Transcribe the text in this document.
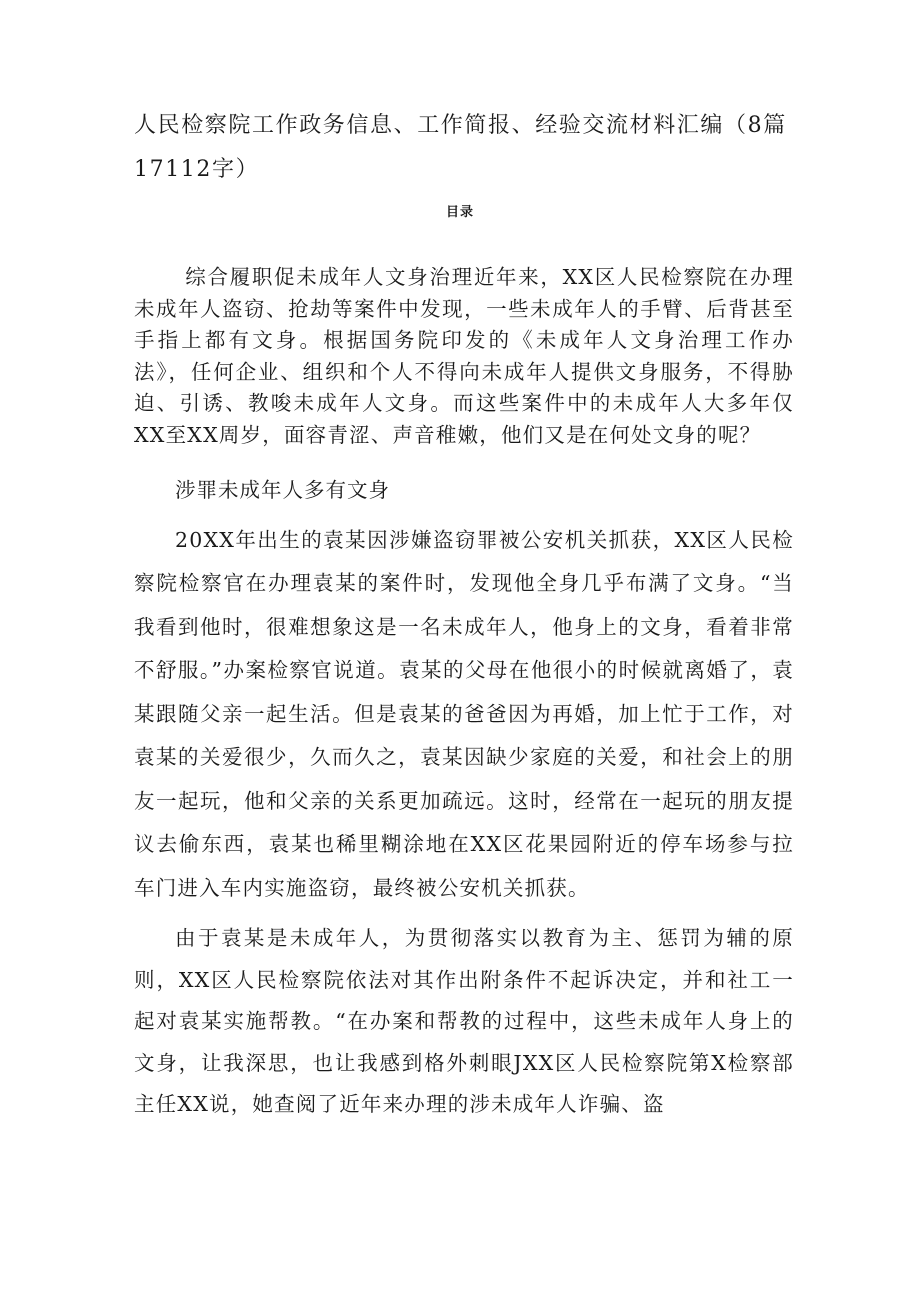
人民检察院工作政务信息、工作简报、经验交流材料汇编（8篇17112字）
目录

综合履职促未成年人文身治理近年来，XX区人民检察院在办理未成年人盗窃、抢劫等案件中发现，一些未成年人的手臂、后背甚至手指上都有文身。根据国务院印发的《未成年人文身治理工作办法》，任何企业、组织和个人不得向未成年人提供文身服务，不得胁迫、引诱、教唆未成年人文身。而这些案件中的未成年人大多年仅XX至XX周岁，面容青涩、声音稚嫩，他们又是在何处文身的呢？

涉罪未成年人多有文身

20XX年出生的袁某因涉嫌盗窃罪被公安机关抓获，XX区人民检察院检察官在办理袁某的案件时，发现他全身几乎布满了文身。“当我看到他时，很难想象这是一名未成年人，他身上的文身，看着非常不舒服。”办案检察官说道。袁某的父母在他很小的时候就离婚了，袁某跟随父亲一起生活。但是袁某的爸爸因为再婚，加上忙于工作，对袁某的关爱很少，久而久之，袁某因缺少家庭的关爱，和社会上的朋友一起玩，他和父亲的关系更加疏远。这时，经常在一起玩的朋友提议去偷东西，袁某也稀里糊涂地在XX区花果园附近的停车场参与拉车门进入车内实施盗窃，最终被公安机关抓获。

由于袁某是未成年人，为贯彻落实以教育为主、惩罚为辅的原则，XX区人民检察院依法对其作出附条件不起诉决定，并和社工一起对袁某实施帮教。“在办案和帮教的过程中，这些未成年人身上的文身，让我深思，也让我感到格外刺眼JXX区人民检察院第X检察部主任XX说，她查阅了近年来办理的涉未成年人诈骗、盗
